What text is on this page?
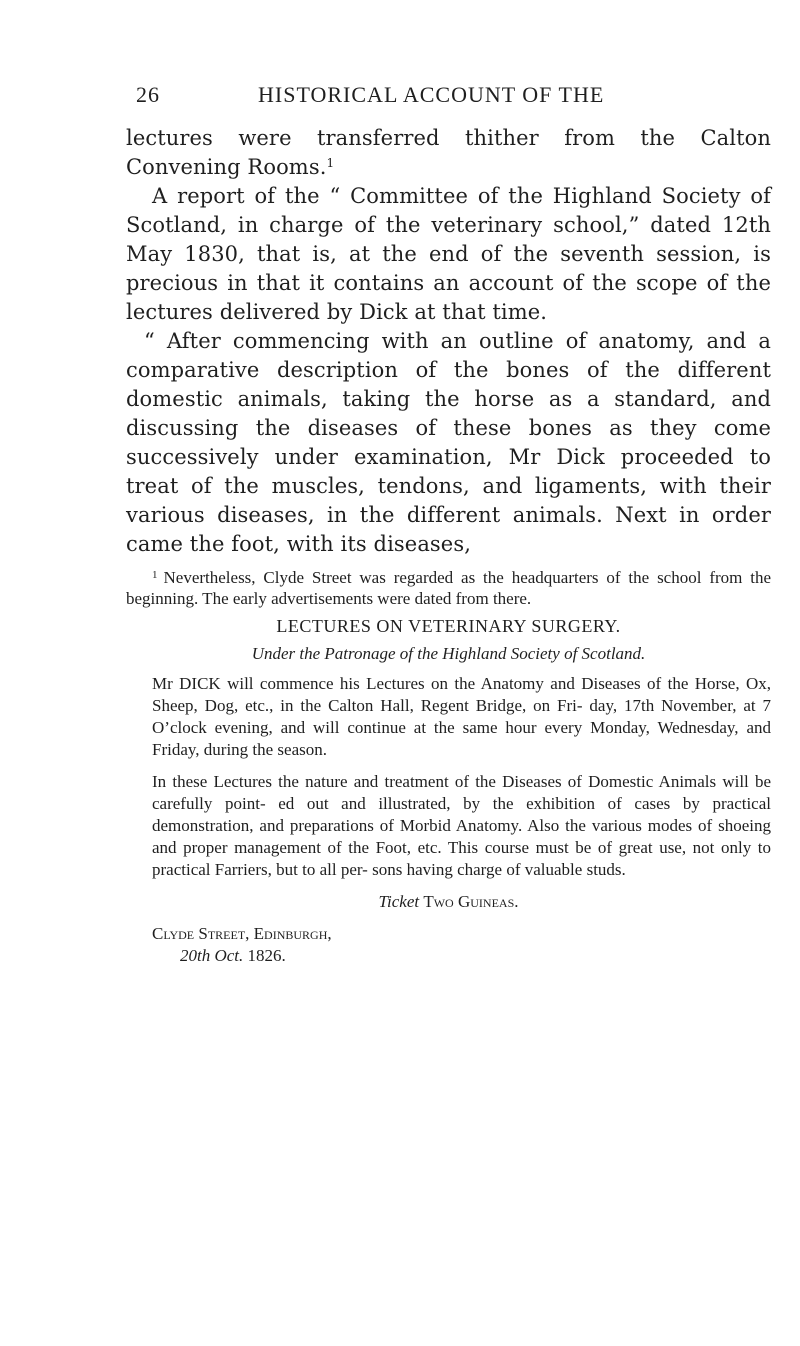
26	HISTORICAL ACCOUNT OF THE

lectures were transferred thither from the Calton Convening Rooms.$^1$

A report of the “ Committee of the Highland Society of Scotland, in charge of the veterinary school,” dated 12th May 1830, that is, at the end of the seventh session, is precious in that it contains an account of the scope of the lectures delivered by Dick at that time.

“ After commencing with an outline of anatomy, and a comparative description of the bones of the different domestic animals, taking the horse as a standard, and discussing the diseases of these bones as they come successively under examination, Mr Dick proceeded to treat of the muscles, tendons, and ligaments, with their various diseases, in the different animals. Next in order came the foot, with its diseases,

$^1$ Nevertheless, Clyde Street was regarded as the headquarters of the school from the beginning. The early advertisements were dated from there.

LECTURES ON VETERINARY SURGERY.

Under the Patronage of the Highland Society of Scotland.

Mr DICK will commence his Lectures on the Anatomy and Diseases of the Horse, Ox, Sheep, Dog, etc., in the Calton Hall, Regent Bridge, on Fri- day, 17th November, at 7 O’clock evening, and will continue at the same hour every Monday, Wednesday, and Friday, during the season.

In these Lectures the nature and treatment of the Diseases of Domestic Animals will be carefully point- ed out and illustrated, by the exhibition of cases by practical demonstration, and preparations of Morbid Anatomy. Also the various modes of shoeing and proper management of the Foot, etc. This course must be of great use, not only to practical Farriers, but to all per- sons having charge of valuable studs.

Ticket Two Guineas.

Clyde Street, Edinburgh,

20th Oct. 1826.
